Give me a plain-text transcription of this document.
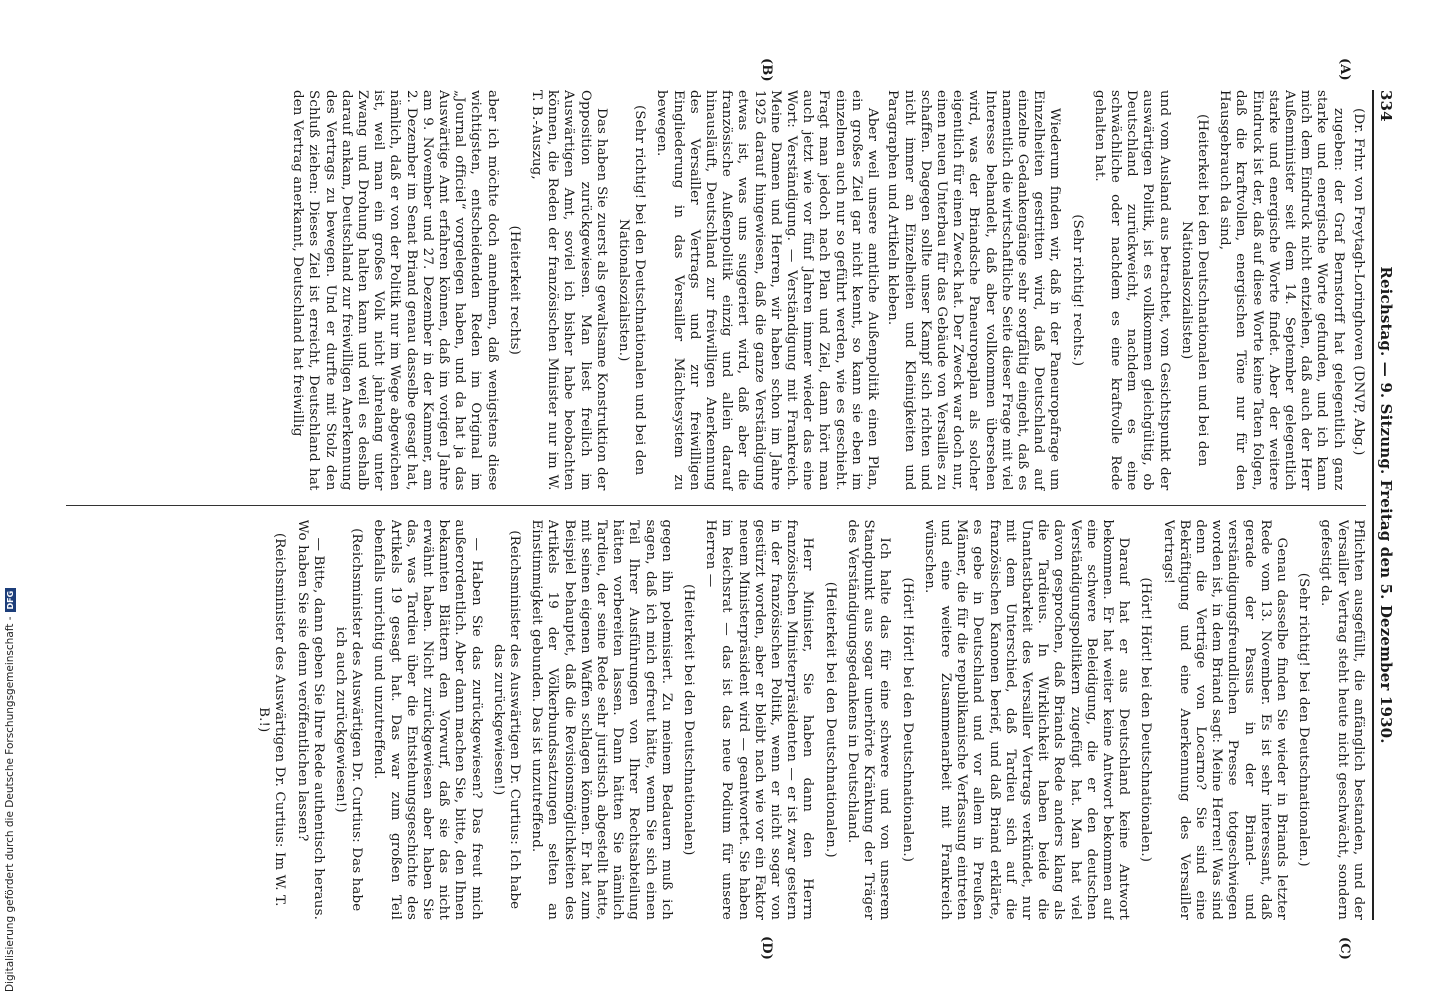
Digitalisierung gefördert durch die Deutsche Forschungsgemeinschaft -
DFG
334
Reichstag. — 9. Sitzung. Freitag den 5. Dezember 1930.

(Dr. Frhr. von Freytagh-Loringhoven (DNVP, Abg.)

zugeben: der Graf Bernstorff hat gelegentlich ganz starke und energische Worte gefunden, und ich kann mich dem Eindruck nicht entziehen, daß auch der Herr Außenminister seit dem 14. September gelegentlich starke und energische Worte findet. Aber der weitere Eindruck ist der, daß auf diese Worte keine Taten folgen, daß die kraftvollen, energischen Töne nur für den Hausgebrauch da sind,

(Heiterkeit bei den Deutschnationalen und bei den Nationalsozialisten)

und vom Ausland aus betrachtet, vom Gesichtspunkt der auswärtigen Politik, ist es vollkommen gleichgültig, ob Deutschland zurückweicht, nachdem es eine schwächliche oder nachdem es eine kraftvolle Rede gehalten hat.

(Sehr richtig! rechts.)

Wiederum finden wir, daß in der Paneuropafrage um Einzelheiten gestritten wird, daß Deutschland auf einzelne Gedankengänge sehr sorgfältig eingeht, daß es namentlich die wirtschaftliche Seite dieser Frage mit viel Interesse behandelt, daß aber vollkommen übersehen wird, was der Briandsche Paneuropaplan als solcher eigentlich für einen Zweck hat. Der Zweck war doch nur, einen neuen Unterbau für das Gebäude von Versailles zu schaffen. Dagegen sollte unser Kampf sich richten und nicht immer an Einzelheiten und Kleinigkeiten und Paragraphen und Artikeln kleben.

Aber weil unsere amtliche Außenpolitik einen Plan, ein großes Ziel gar nicht kennt, so kann sie eben im einzelnen auch nur so geführt werden, wie es geschieht. Fragt man jedoch nach Plan und Ziel, dann hört man auch jetzt wie vor fünf Jahren immer wieder das eine Wort: Verständigung. — Verständigung mit Frankreich. Meine Damen und Herren, wir haben schon im Jahre 1925 darauf hingewiesen, daß die ganze Verständigung etwas ist, was uns suggeriert wird, daß aber die französische Außenpolitik einzig und allein darauf hinausläuft, Deutschland zur freiwilligen Anerkennung des Versailler Vertrags und zur freiwilligen Eingliederung in das Versailler Mächtesystem zu bewegen.

(Sehr richtig! bei den Deutschnationalen und bei den Nationalsozialisten.)

Das haben Sie zuerst als gewaltsame Konstruktion der Opposition zurückgewiesen. Man liest freilich im Auswärtigen Amt, soviel ich bisher habe beobachten können, die Reden der französischen Minister nur im W. T. B.-Auszug,

(Heiterkeit rechts)

aber ich möchte doch annehmen, daß wenigstens diese wichtigsten, entscheidenden Reden im Original im „Journal officiel“ vorgelegen haben, und da hat ja das Auswärtige Amt erfahren können, daß im vorigen Jahre am 9. November und 27. Dezember in der Kammer, am 2. Dezember im Senat Briand genau dasselbe gesagt hat, nämlich, daß er von der Politik nur im Wege abgewichen ist, weil man ein großes Volk nicht jahrelang unter Zwang und Drohung halten kann und weil es deshalb darauf ankam, Deutschland zur freiwilligen Anerkennung des Vertrags zu bewegen. Und er durfte mit Stolz den Schluß ziehen: Dieses Ziel ist erreicht, Deutschland hat den Vertrag anerkannt, Deutschland hat freiwillig

Pflichten ausgefüllt, die anfänglich bestanden, und der Versailler Vertrag steht heute nicht geschwächt, sondern gefestigt da.

(Sehr richtig! bei den Deutschnationalen.)

Genau dasselbe finden Sie wieder in Briands letzter Rede vom 13. November. Es ist sehr interessant, daß gerade der Passus in der Briand- und verständigungsfreundlichen Presse totgeschwiegen worden ist, in dem Briand sagt: Meine Herren! Was sind denn die Verträge von Locarno? Sie sind eine Bekräftigung und eine Anerkennung des Versailler Vertrags!

(Hört! Hört! bei den Deutschnationalen.)

Darauf hat er aus Deutschland keine Antwort bekommen. Er hat weiter keine Antwort bekommen auf eine schwere Beleidigung, die er den deutschen Verständigungspolitikern zugefügt hat. Man hat viel davon gesprochen, daß Briands Rede anders klang als die Tardieus. In Wirklichkeit haben beide die Unantastbarkeit des Versailler Vertrags verkündet, nur mit dem Unterschied, daß Tardieu sich auf die französischen Kanonen berief, und daß Briand erklärte, es gebe in Deutschland und vor allem in Preußen Männer, die für die republikanische Verfassung eintreten und eine weitere Zusammenarbeit mit Frankreich wünschen.

(Hört! Hört! bei den Deutschnationalen.)

Ich halte das für eine schwere und von unserem Standpunkt aus sogar unerhörte Kränkung der Träger des Verständigungsgedankens in Deutschland.

(Heiterkeit bei den Deutschnationalen.)

Herr Minister, Sie haben dann den Herrn französischen Ministerpräsidenten — er ist zwar gestern in der französischen Politik, wenn er nicht sogar von gestürzt worden, aber er bleibt nach wie vor ein Faktor neuem Ministerpräsident wird — geantwortet. Sie haben im Reichsrat — das ist das neue Podium für unsere Herren —

(Heiterkeit bei den Deutschnationalen)

gegen ihn polemisiert. Zu meinem Bedauern muß ich sagen, daß ich mich gefreut hätte, wenn Sie sich einen Teil Ihrer Ausführungen von Ihrer Rechtsabteilung hätten vorbereiten lassen. Dann hätten Sie nämlich Tardieu, der seine Rede sehr juristisch abgestellt hatte, mit seinen eigenen Waffen schlagen können. Er hat zum Beispiel behauptet, daß die Revisionsmöglichkeiten des Artikels 19 der Völkerbundssatzungen selten an Einstimmigkeit gebunden. Das ist unzutreffend.

(Reichsminister des Auswärtigen Dr. Curtius: Ich habe das zurückgewiesen!)

— Haben Sie das zurückgewiesen? Das freut mich außerordentlich. Aber dann machen Sie, bitte, den Ihnen bekannten Blättern den Vorwurf, daß sie das nicht erwähnt haben. Nicht zurückgewiesen aber haben Sie das, was Tardieu über die Entstehungsgeschichte des Artikels 19 gesagt hat. Das war zum großen Teil ebenfalls unrichtig und unzutreffend.

(Reichsminister des Auswärtigen Dr. Curtius: Das habe ich auch zurückgewiesen!)

— Bitte, dann geben Sie Ihre Rede authentisch heraus. Wo haben Sie sie denn veröffentlichen lassen?

(Reichsminister des Auswärtigen Dr. Curtius: Im W. T. B.!)

(A)
(B)
(C)
(D)
